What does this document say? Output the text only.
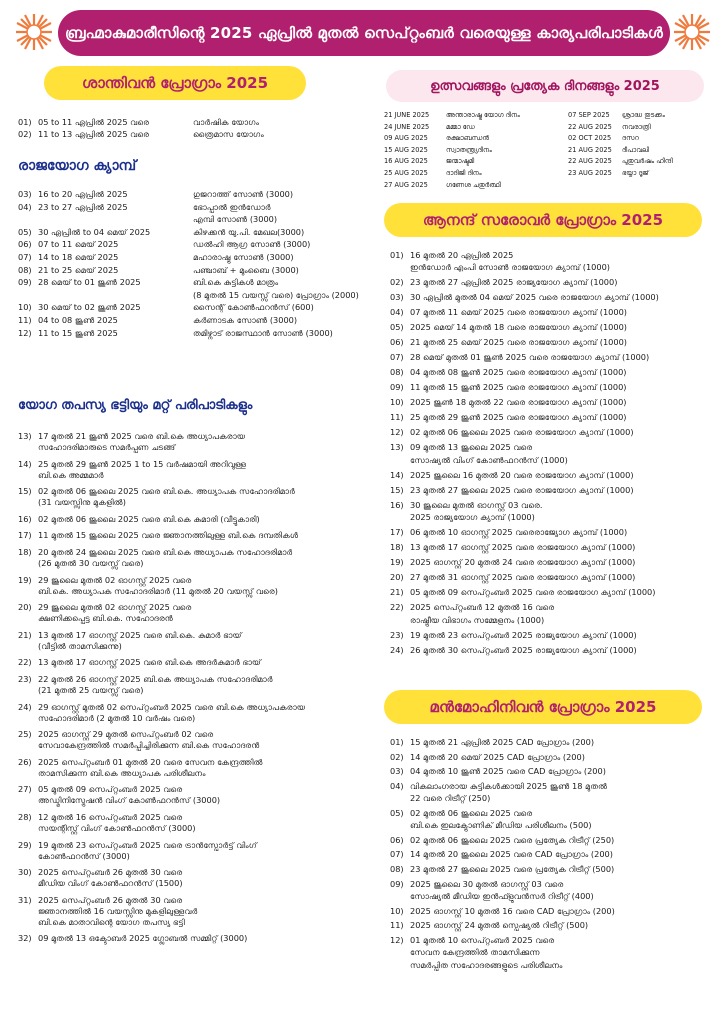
ബ്രഹ്മാകുമാരീസിന്റെ 2025 ഏപ്രിൽ മുതൽ സെപ്റ്റംബർ വരെയുള്ള കാര്യപരിപാടികൾ
ശാന്തിവൻ പ്രോഗ്രാം 2025
01) 05 to 11 ഏപ്രിൽ 2025 വരെ	വാർഷിക യോഗം
02) 11 to 13 ഏപ്രിൽ 2025 വരെ	ത്രൈമാസ യോഗം
രാജയോഗ ക്യാമ്പ്
03) 16 to 20 ഏപ്രിൽ 2025	ഗുജറാത്ത് സോൺ (3000)
04) 23 to 27 ഏപ്രിൽ 2025	ഭോപ്പാൽ ഇൻഡോർ
എമ്പി സോൺ (3000)
05) 30 ഏപ്രിൽ to 04 മെയ് 2025	കിഴക്കൻ യു.പി. മേഖല(3000)
06) 07 to 11 മെയ് 2025	ഡൽഹി ആഗ്ര സോൺ (3000)
07) 14 to 18 മെയ് 2025	മഹാരാഷ്ട്ര സോൺ (3000)
08) 21 to 25 മെയ് 2025	പഞ്ചാബ് + മുംബൈ (3000)
09) 28 മെയ് to 01 ജൂൺ 2025	ബി.കെ കുട്ടികൾ മാത്രം
(8 മുതൽ 15 വയസ്സ് വരെ) പ്രോഗ്രാം (2000)
10) 30 മെയ് to 02 ജൂൺ 2025	സൈന്റ് കോൺഫറൻസ് (600)
11) 04 to 08 ജൂൺ 2025	കർണാടക സോൺ (3000)
12) 11 to 15 ജൂൺ 2025	തമിഴ്നാട് രാജസ്ഥാൻ സോൺ (3000)
യോഗ തപസ്യ ഭട്ടിയും മറ്റ് പരിപാടികളും
13) 17 മുതൽ 21 ജൂൺ 2025 വരെ ബി.കെ അധ്യാപകരായ
സഹോദരിമാരുടെ സമർപ്പണ ചടങ്ങ്
14) 25 മുതൽ 29 ജൂൺ 2025 1 to 15 വർഷമായി അറിവുള്ള
ബി.കെ അമ്മമാർ
15) 02 മുതൽ 06 ജൂലൈ 2025 വരെ ബി.കെ. അധ്യാപക സഹോദരിമാർ
(31 വയസ്സിനു മുകളിൽ)
16) 02 മുതൽ 06 ജൂലൈ 2025 വരെ ബി.കെ കുമാരി (വീട്ടുകാരി)
17) 11 മുതൽ 15 ജൂലൈ 2025 വരെ ജ്ഞാനത്തിലുള്ള ബി.കെ ദമ്പതികൾ
18) 20 മുതൽ 24 ജൂലൈ 2025 വരെ ബി.കെ അധ്യാപക സഹോദരിമാർ
(26 മുതൽ 30 വയസ്സ് വരെ)
19) 29 ജൂലൈ മുതൽ 02 ഓഗസ്റ്റ് 2025 വരെ
ബി.കെ. അധ്യാപക സഹോദരിമാർ (11 മുതൽ 20 വയസ്സ് വരെ)
20) 29 ജൂലൈ മുതൽ 02 ഓഗസ്റ്റ് 2025 വരെ
ക്ഷണിക്കപ്പെട്ട ബി.കെ. സഹോദരൻ
21) 13 മുതൽ 17 ഓഗസ്റ്റ് 2025 വരെ ബി.കെ. കുമാർ ഭായ്
(വീട്ടിൽ താമസിക്കുന്നു)
22) 13 മുതൽ 17 ഓഗസ്റ്റ് 2025 വരെ ബി.കെ അദർകുമാർ ഭായ്
23) 22 മുതൽ 26 ഓഗസ്റ്റ് 2025 ബി.കെ അധ്യാപക സഹോദരിമാർ
(21 മുതൽ 25 വയസ്സ് വരെ)
24) 29 ഓഗസ്റ്റ് മുതൽ 02 സെപ്റ്റംബർ 2025 വരെ ബി.കെ അധ്യാപകരായ
സഹോദരിമാർ (2 മുതൽ 10 വർഷം വരെ)
25) 2025 ഓഗസ്റ്റ് 29 മുതൽ സെപ്റ്റംബർ 02 വരെ
സേവാകേന്ദ്രത്തിൽ സമർപ്പിച്ചിരിക്കുന്ന ബി.കെ സഹോദരൻ
26) 2025 സെപ്റ്റംബർ 01 മുതൽ 20 വരെ സേവന കേന്ദ്രത്തിൽ
താമസിക്കുന്ന ബി.കെ അധ്യാപക പരിശീലനം
27) 05 മുതൽ 09 സെപ്റ്റംബർ 2025 വരെ
അഡ്മിനിസ്ട്രേഷൻ വിംഗ് കോൺഫറൻസ് (3000)
28) 12 മുതൽ 16 സെപ്റ്റംബർ 2025 വരെ
സയന്റിസ്റ്റ് വിംഗ് കോൺഫറൻസ് (3000)
29) 19 മുതൽ 23 സെപ്റ്റംബർ 2025 വരെ ട്രാൻസ്പോർട്ട് വിംഗ്
കോൺഫറൻസ് (3000)
30) 2025 സെപ്റ്റംബർ 26 മുതൽ 30 വരെ
മീഡിയ വിംഗ് കോൺഫറൻസ് (1500)
31) 2025 സെപ്റ്റംബർ 26 മുതൽ 30 വരെ
ജ്ഞാനത്തിൽ 16 വയസ്സിനു മുകളിലുള്ളവർ
ബി.കെ മാതാവിന്റെ യോഗ തപസ്യ ഭട്ടി
32) 09 മുതൽ 13 ഒക്ടോബർ 2025 ഗ്ലോബൽ സമ്മിറ്റ് (3000)
ഉത്സവങ്ങളും പ്രത്യേക ദിനങ്ങളും 2025
21 JUNE 2025	അന്താരാഷ്ട്ര യോഗ ദിനം
24 JUNE 2025	മമ്മാ ഡേ
09 AUG 2025	രക്ഷാബന്ധൻ
15 AUG 2025	സ്വാതന്ത്ര്യദിനം
16 AUG 2025	ജന്മാഷ്ടമി
25 AUG 2025	ദാദിജി ദിനം
27 AUG 2025	ഗണേശ ചതുർത്ഥി
07 SEP 2025 ശ്രാദ്ധ തുടക്കം
22 AUG 2025 നവരാത്രി
02 OCT 2025 ദസറ
21 AUG 2025 ദീപാവലി
22 AUG 2025 പുതുവർഷം ഹിന്ദി
23 AUG 2025 ഭയ്യാ ദൂജ്
ആനന്ദ് സരോവർ പ്രോഗ്രാം 2025
01) 16 മുതൽ 20 ഏപ്രിൽ 2025
ഇൻഡോർ എംപി സോൺ രാജയോഗ ക്യാമ്പ് (1000)
02) 23 മുതൽ 27 ഏപ്രിൽ 2025 രാജ്യയോഗ ക്യാമ്പ് (1000)
03) 30 ഏപ്രിൽ മുതൽ 04 മെയ് 2025 വരെ രാജയോഗ ക്യാമ്പ് (1000)
04) 07 മുതൽ 11 മെയ് 2025 വരെ രാജയോഗ ക്യാമ്പ് (1000)
05) 2025 മെയ് 14 മുതൽ 18 വരെ രാജയോഗ ക്യാമ്പ് (1000)
06) 21 മുതൽ 25 മെയ് 2025 വരെ രാജയോഗ ക്യാമ്പ് (1000)
07) 28 മെയ് മുതൽ 01 ജൂൺ 2025 വരെ രാജയോഗ ക്യാമ്പ് (1000)
08) 04 മുതൽ 08 ജൂൺ 2025 വരെ രാജയോഗ ക്യാമ്പ് (1000)
09) 11 മുതൽ 15 ജൂൺ 2025 വരെ രാജയോഗ ക്യാമ്പ് (1000)
10) 2025 ജൂൺ 18 മുതൽ 22 വരെ രാജയോഗ ക്യാമ്പ് (1000)
11) 25 മുതൽ 29 ജൂൺ 2025 വരെ രാജയോഗ ക്യാമ്പ് (1000)
12) 02 മുതൽ 06 ജൂലൈ 2025 വരെ രാജയോഗ ക്യാമ്പ് (1000)
13) 09 മുതൽ 13 ജൂലൈ 2025 വരെ
സോഷ്യൽ വിംഗ് കോൺഫറൻസ് (1000)
14) 2025 ജൂലൈ 16 മുതൽ 20 വരെ രാജയോഗ ക്യാമ്പ് (1000)
15) 23 മുതൽ 27 ജൂലൈ 2025 വരെ രാജയോഗ ക്യാമ്പ് (1000)
16) 30 ജൂലൈ മുതൽ ഓഗസ്റ്റ് 03 വരെ.
2025 രാജ്യയോഗ ക്യാമ്പ് (1000)
17) 06 മുതൽ 10 ഓഗസ്റ്റ് 2025 വരെരാജ്യോഗ ക്യാമ്പ് (1000)
18) 13 മുതൽ 17 ഓഗസ്റ്റ് 2025 വരെ രാജയോഗ ക്യാമ്പ് (1000)
19) 2025 ഓഗസ്റ്റ് 20 മുതൽ 24 വരെ രാജയോഗ ക്യാമ്പ് (1000)
20) 27 മുതൽ 31 ഓഗസ്റ്റ് 2025 വരെ രാജയോഗ ക്യാമ്പ് (1000)
21) 05 മുതൽ 09 സെപ്റ്റംബർ 2025 വരെ രാജയോഗ ക്യാമ്പ് (1000)
22) 2025 സെപ്റ്റംബർ 12 മുതൽ 16 വരെ
രാഷ്ട്രീയ വിഭാഗം സമ്മേളനം (1000)
23) 19 മുതൽ 23 സെപ്റ്റംബർ 2025 രാജ്യയോഗ ക്യാമ്പ് (1000)
24) 26 മുതൽ 30 സെപ്റ്റംബർ 2025 രാജ്യയോഗ ക്യാമ്പ് (1000)
മൻമോഹിനിവൻ പ്രോഗ്രാം 2025
01) 15 മുതൽ 21 ഏപ്രിൽ 2025 CAD പ്രോഗ്രാം (200)
02) 14 മുതൽ 20 മെയ് 2025 CAD പ്രോഗ്രാം (200)
03) 04 മുതൽ 10 ജൂൺ 2025 വരെ CAD പ്രോഗ്രാം (200)
04) വികലാംഗരായ കുട്ടികൾക്കായി 2025 ജൂൺ 18 മുതൽ
22 വരെ റിട്രീറ്റ് (250)
05) 02 മുതൽ 06 ജൂലൈ 2025 വരെ
ബി.കെ ഇലക്ട്രോണിക് മീഡിയ പരിശീലനം (500)
06) 02 മുതൽ 06 ജൂലൈ 2025 വരെ പ്രത്യേക റിട്രീറ്റ് (250)
07) 14 മുതൽ 20 ജൂലൈ 2025 വരെ CAD പ്രോഗ്രാം (200)
08) 23 മുതൽ 27 ജൂലൈ 2025 വരെ പ്രത്യേക റിട്രീറ്റ് (500)
09) 2025 ജൂലൈ 30 മുതൽ ഓഗസ്റ്റ് 03 വരെ
സോഷ്യൽ മീഡിയ ഇൻഫ്ളുവൻസർ റിട്രീറ്റ് (400)
10) 2025 ഓഗസ്റ്റ് 10 മുതൽ 16 വരെ CAD പ്രോഗ്രാം (200)
11) 2025 ഓഗസ്റ്റ് 24 മുതൽ സ്പെഷ്യൽ റിട്രീറ്റ് (500)
12) 01 മുതൽ 10 സെപ്റ്റംബർ 2025 വരെ
സേവന കേന്ദ്രത്തിൽ താമസിക്കുന്ന
സമർപ്പിത സഹോദരങ്ങളുടെ പരിശീലനം
